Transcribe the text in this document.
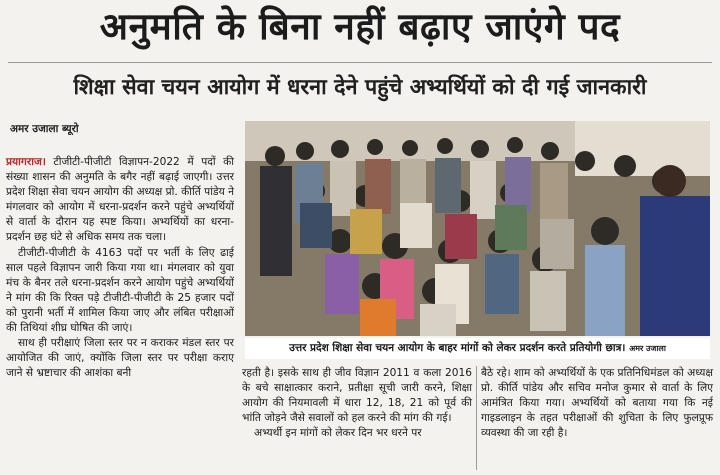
अनुमति के बिना नहीं बढ़ाए जाएंगे पद
शिक्षा सेवा चयन आयोग में धरना देने पहुंचे अभ्यर्थियों को दी गई जानकारी
अमर उजाला ब्यूरो

प्रयागराज। टीजीटी-पीजीटी विज्ञापन-2022 में पदों की संख्या शासन की अनुमति के बगैर नहीं बढ़ाई जाएगी। उत्तर प्रदेश शिक्षा सेवा चयन आयोग की अध्यक्ष प्रो. कीर्ति पांडेय ने मंगलवार को आयोग में धरना-प्रदर्शन करने पहुंचे अभ्यर्थियों से वार्ता के दौरान यह स्पष्ट किया। अभ्यर्थियों का धरना-प्रदर्शन छह घंटे से अधिक समय तक चला।

टीजीटी-पीजीटी के 4163 पदों पर भर्ती के लिए ढाई साल पहले विज्ञापन जारी किया गया था। मंगलवार को युवा मंच के बैनर तले धरना-प्रदर्शन करने आयोग पहुंचे अभ्यर्थियों ने मांग की कि रिक्त पड़े टीजीटी-पीजीटी के 25 हजार पदों को पुरानी भर्ती में शामिल किया जाए और लंबित परीक्षाओं की तिथियां शीघ्र घोषित की जाएं।

साथ ही परीक्षाएं जिला स्तर पर न कराकर मंडल स्तर पर आयोजित की जाएं, क्योंकि जिला स्तर पर परीक्षा कराए जाने से भ्रष्टाचार की आशंका बनी

उत्तर प्रदेश शिक्षा सेवा चयन आयोग के बाहर मांगों को लेकर प्रदर्शन करते प्रतियोगी छात्र। अमर उजाला

रहती है। इसके साथ ही जीव विज्ञान 2011 व कला 2016 के बचे साक्षात्कार कराने, प्रतीक्षा सूची जारी करने, शिक्षा आयोग की नियमावली में धारा 12, 18, 21 को पूर्व की भांति जोड़ने जैसे सवालों को हल करने की मांग की गई।

अभ्यर्थी इन मांगों को लेकर दिन भर धरने पर

बैठे रहे। शाम को अभ्यर्थियों के एक प्रतिनिधिमंडल को अध्यक्ष प्रो. कीर्ति पांडेय और सचिव मनोज कुमार से वार्ता के लिए आमंत्रित किया गया। अभ्यर्थियों को बताया गया कि नई गाइडलाइन के तहत परीक्षाओं की शुचिता के लिए फुलप्रूफ व्यवस्था की जा रही है।
